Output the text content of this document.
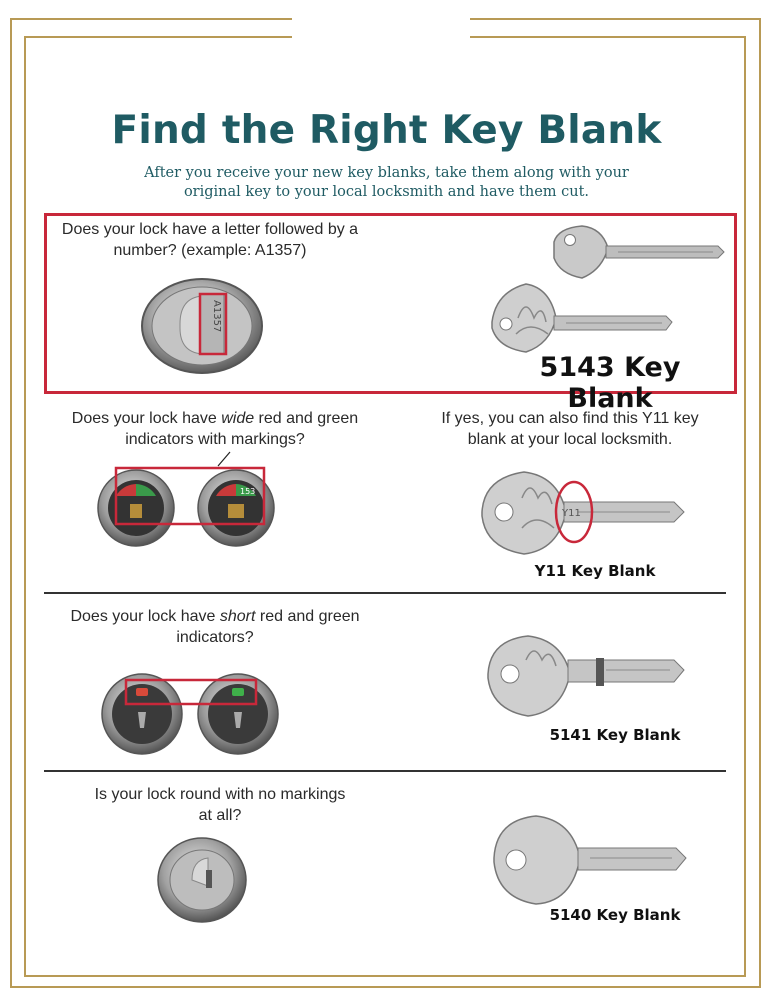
Find the Right Key Blank
After you receive your new key blanks, take them along with your original key to your local locksmith and have them cut.
Does your lock have a letter followed by a number? (example: A1357)
A1357
5143 Key Blank
Does your lock have wide red and green indicators with markings?
If yes, you can also find this Y11 key blank at your local locksmith.
153
Y11
Y11 Key Blank
Does your lock have short red and green indicators?
5141 Key Blank
Is your lock round with no markings at all?
5140 Key Blank
